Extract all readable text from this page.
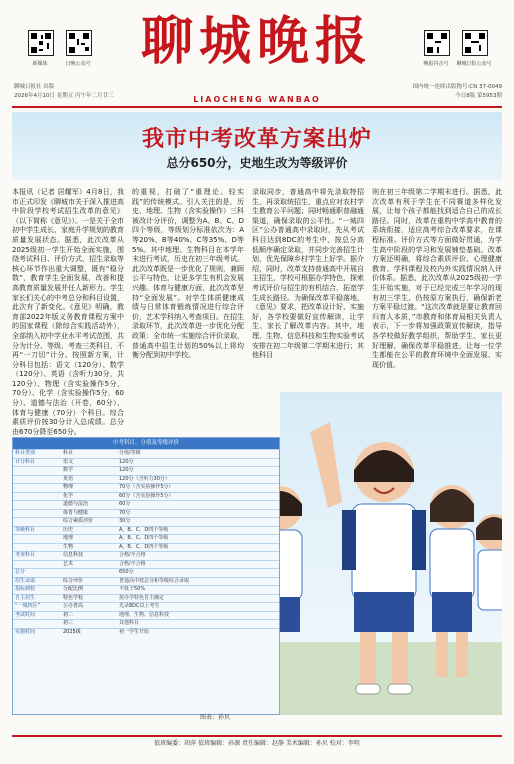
新媒体	日晚公众号 聊城晚报	晚报抖音号	聊城日报公众号
聊城日报社 出版
2026年4月10日 星期五 丙午年二月廿三
国内统一连续出版物号:CN 37-0049
今日8版 第5953期
LIAOCHENG WANBAO
我市中考改革方案出炉
总分650分，史地生改为等级评价
本报讯（记者 居耀军）4月8日，我市正式印发《聊城市关于深入推进高中阶段学校考试招生改革的意见》（以下简称《意见》）。一是关于全市初中学生成长、家庭升学规划的教育质量发展状态。据悉，此次改革从2025级初一学生开始全面实施，围绕考试科目、评价方式、招生录取等核心环节作出重大调整，既有“稳分数”，教育学生全面发展，改善和提高教育质量发展并任人新形力。学生家长们关心的中考总分和科目设置，此次有了新变化。《意见》明确，教育部2022年版义务教育课程方案中的国家课程（除综合实践活动外），全部纳入初中学业水平考试范围，共分为计分、等级、考查三类科目，不再“一刀切”计分。按照新方案，计分科目包括：语文（120分）、数学（120分）、英语（含听力30分，共120分）、物理（含实验操作5分，70分）、化学（含实验操作5分，60分）、道德与法治（开卷，60分）、体育与健康（70分）个科目。综合素质评价按30分计入总成绩。总分由670分降至650分。
的重视，打破了“重理论、轻实践”的传统模式。引人关注的是，历史、地理、生物（含实验操作）三科被改计分评价，调整为A、B、C、D四个等级，等级划分标准依次为：A等20%、B等40%、C等35%、D等5%。其中地理、生物科目在本学年末进行考试，历史在初三年级考试。此次改革既是一步优化了规则，兼顾公平与特色，让更多学生有机会发展兴趣。体育与健康方面，此次改革坚持“全面发展”。对学生体质健康成绩与日常体育锻炼情况进行综合评价，艺术学科纳入考查项目。在招生录取环节，此次改革进一步优化分配政策：全市统一实施综合评价录取，普通高中招生计划的50%以上将均衡分配到初中学校。
录取同步，普通高中将先录取特招生，再录取统招生，重点应对农村学生教育公平问题；同时畅通职普融通渠道，确保录取的公平性。“一城四区”公办普通高中录取时，先从考试科目达到8DC的考生中，按总分高低顺序确定录取，并同步完善招生计划，优先保障乡村学生上好学。据介绍，同时，改革支持普通高中开展自主招生，学校可根据办学特色，探索考试评价与招生的有机结合，拓宽学生成长路径。为确保改革平稳落地，《意见》要求，把改革设计好、实施好，各学校要做好宣传解读，让学生、家长了解改革内容。其中，地理、生物、信息科技和生物实验考试安排在初二年级第二学期末进行；其他科目
则在初三年级第二学期末进行。据悉，此次改革有利于学生在不同赛道多样化发展，让每个孩子都能找到适合自己的成长路径。同时，改革在重构中学高中教育的系统衔接，适应高考综合改革要求，在课程标准、评价方式等方面做好贯通，为学生高中阶段的学习和发展铺垫基础。改革方案还明确，将综合素质评价、心理健康教育、学科课程及校内外实践情况纳入评价体系。据悉，此次改革从2025级初一学生开始实施，对于已经完成三年学习的现有初三学生，仍按原方案执行，确保新老方案平稳过渡。“这次改革就是要让教育回归育人本质，”市教育和体育局相关负责人表示，下一步将加强政策宣传解读，指导各学校做好教学组织，帮助学生、家长更好理解，确保改革平稳推进，让每一位学生都能在公平的教育环境中全面发展、实现价值。
中考科目、分值及等级评价
科目类别	科目	分值/等级
计分科目	语文	120分
数学	120分
英语	120分（含听力30分）
物理	70分（含实验操作5分）
化学	60分（含实验操作5分）
道德与法治	60分
体育与健康	70分
综合素质评价	30分
等级科目	历史	A、B、C、D四个等级
地理	A、B、C、D四个等级
生物	A、B、C、D四个等级
考查科目	信息科技	合格/不合格
艺术	合格/不合格
总分	650分
招生录取	综合评价	普通高中按总分和等级综合录取
指标到校	分配比例	不低于50%
自主招生	特色学校	按办学特色自主确定
“一城四区”	公办普高	先录8DC以上考生
考试时间	初二	地理、生物、信息科技
初三	其他科目
实施时间	2025级	初一学生开始
图表：孙贝
值班编委：胡萍 值班编辑：孙源 责任编辑：赵静 美术编辑：孙贝 校对：李明
